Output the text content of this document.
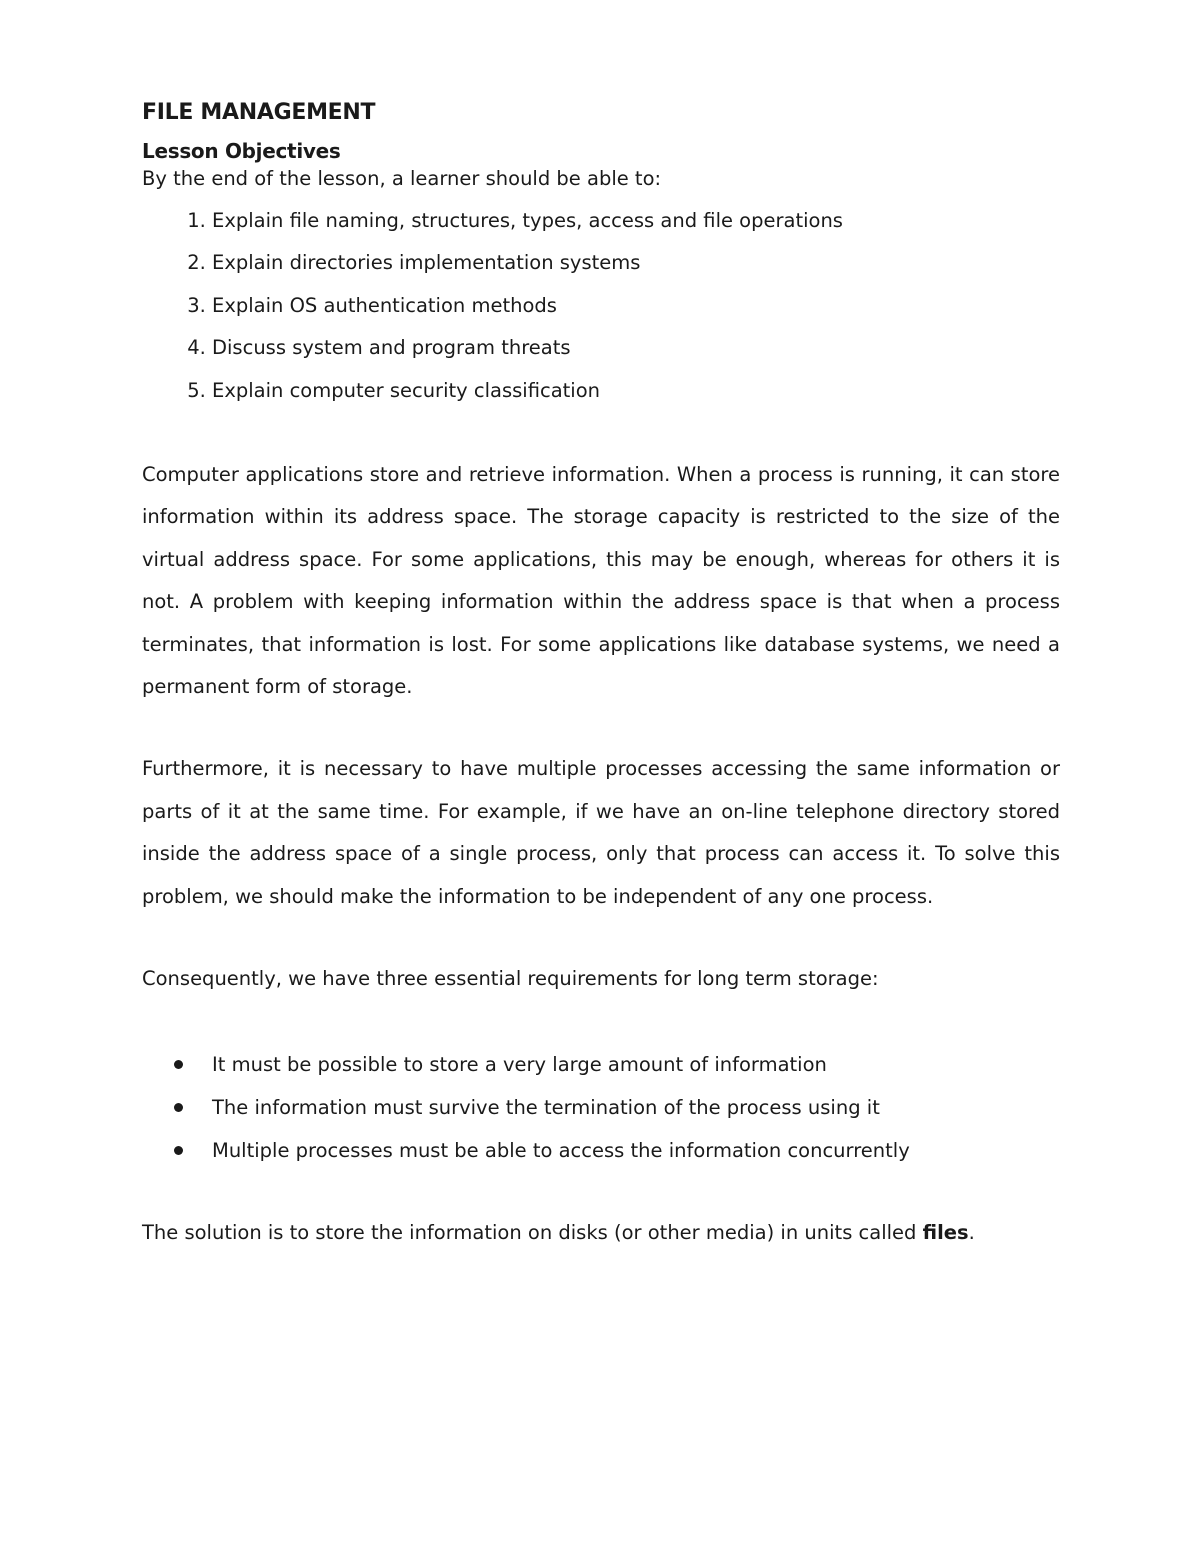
FILE MANAGEMENT
Lesson Objectives

By the end of the lesson, a learner should be able to:

1. Explain file naming, structures, types, access and file operations
2. Explain directories implementation systems
3. Explain OS authentication methods
4. Discuss system and program threats
5. Explain computer security classification

Computer applications store and retrieve information. When a process is running, it can store information within its address space. The storage capacity is restricted to the size of the virtual address space. For some applications, this may be enough, whereas for others it is not. A problem with keeping information within the address space is that when a process terminates, that information is lost. For some applications like database systems, we need a permanent form of storage.

Furthermore, it is necessary to have multiple processes accessing the same information or parts of it at the same time. For example, if we have an on-line telephone directory stored inside the address space of a single process, only that process can access it. To solve this problem, we should make the information to be independent of any one process.

Consequently, we have three essential requirements for long term storage:

It must be possible to store a very large amount of information
The information must survive the termination of the process using it
Multiple processes must be able to access the information concurrently

The solution is to store the information on disks (or other media) in units called files.
